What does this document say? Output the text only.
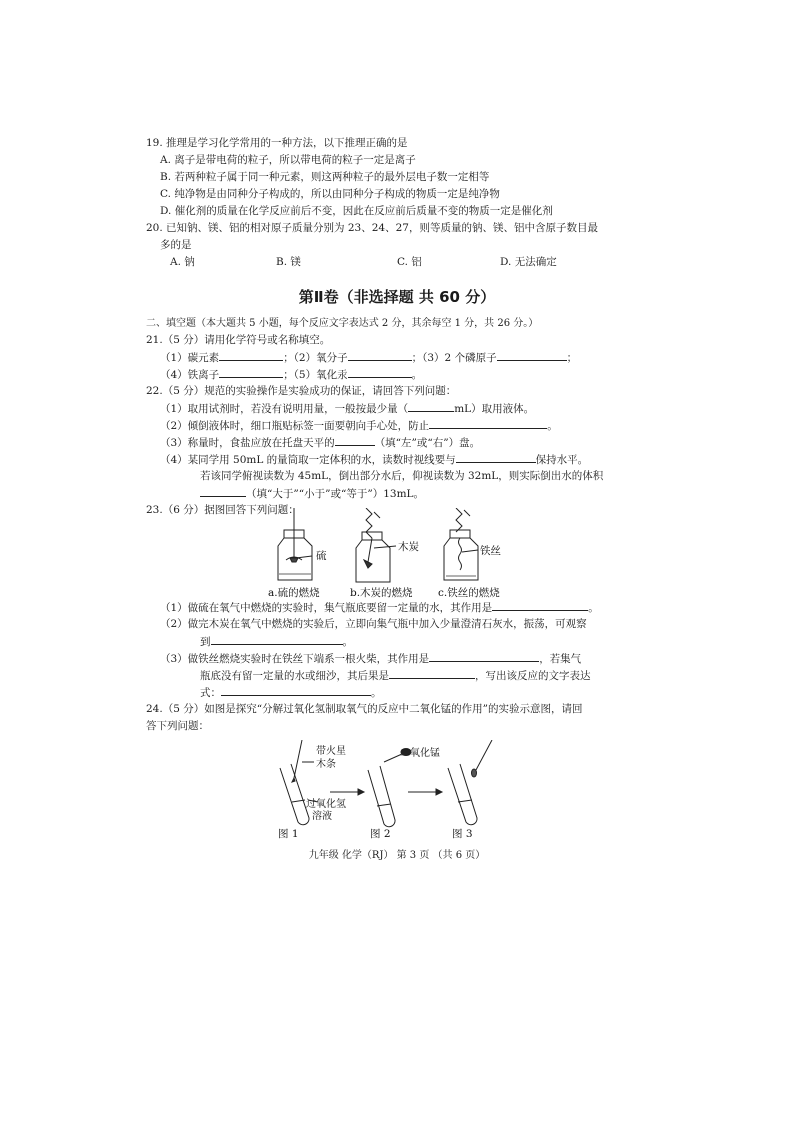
19. 推理是学习化学常用的一种方法，以下推理正确的是
A. 离子是带电荷的粒子，所以带电荷的粒子一定是离子
B. 若两种粒子属于同一种元素，则这两种粒子的最外层电子数一定相等
C. 纯净物是由同种分子构成的，所以由同种分子构成的物质一定是纯净物
D. 催化剂的质量在化学反应前后不变，因此在反应前后质量不变的物质一定是催化剂
20. 已知钠、镁、铝的相对原子质量分别为 23、24、27，则等质量的钠、镁、铝中含原子数目最
多的是
A. 钠	B. 镁	C. 铝	D. 无法确定
第Ⅱ卷（非选择题 共 60 分）
二、填空题（本大题共 5 小题，每个反应文字表达式 2 分，其余每空 1 分，共 26 分。）
21.（5 分）请用化学符号或名称填空。
（1）碳元素	；（2）氧分子	；（3）2 个磷原子	；
（4）铁离子	；（5）氧化汞	。
22.（5 分）规范的实验操作是实验成功的保证，请回答下列问题：
（1）取用试剂时，若没有说明用量，一般按最少量（	mL）取用液体。
（2）倾倒液体时，细口瓶贴标签一面要朝向手心处，防止	。
（3）称量时，食盐应放在托盘天平的	（填“左”或“右”）盘。
（4）某同学用 50mL 的量筒取一定体积的水，读数时视线要与	保持水平。
若该同学俯视读数为 45mL，倒出部分水后，仰视读数为 32mL，则实际倒出水的体积
（填“大于”“小于”或“等于”）13mL。
23.（6 分）据图回答下列问题：
硫
木炭	铁丝
a.硫的燃烧	b.木炭的燃烧 c.铁丝的燃烧
（1）做硫在氧气中燃烧的实验时，集气瓶底要留一定量的水，其作用是	。
（2）做完木炭在氧气中燃烧的实验后，立即向集气瓶中加入少量澄清石灰水，振荡，可观察
到	。
（3）做铁丝燃烧实验时在铁丝下端系一根火柴，其作用是	，若集气
瓶底没有留一定量的水或细沙，其后果是	，写出该反应的文字表达
式：	。
24.（5 分）如图是探究“分解过氧化氢制取氧气的反应中二氧化锰的作用”的实验示意图，请回
答下列问题：
带火星
木条
过氧化氢
溶液
二氧化锰
图 1	图 2	图 3
九年级 化学（RJ） 第 3 页 （共 6 页）
